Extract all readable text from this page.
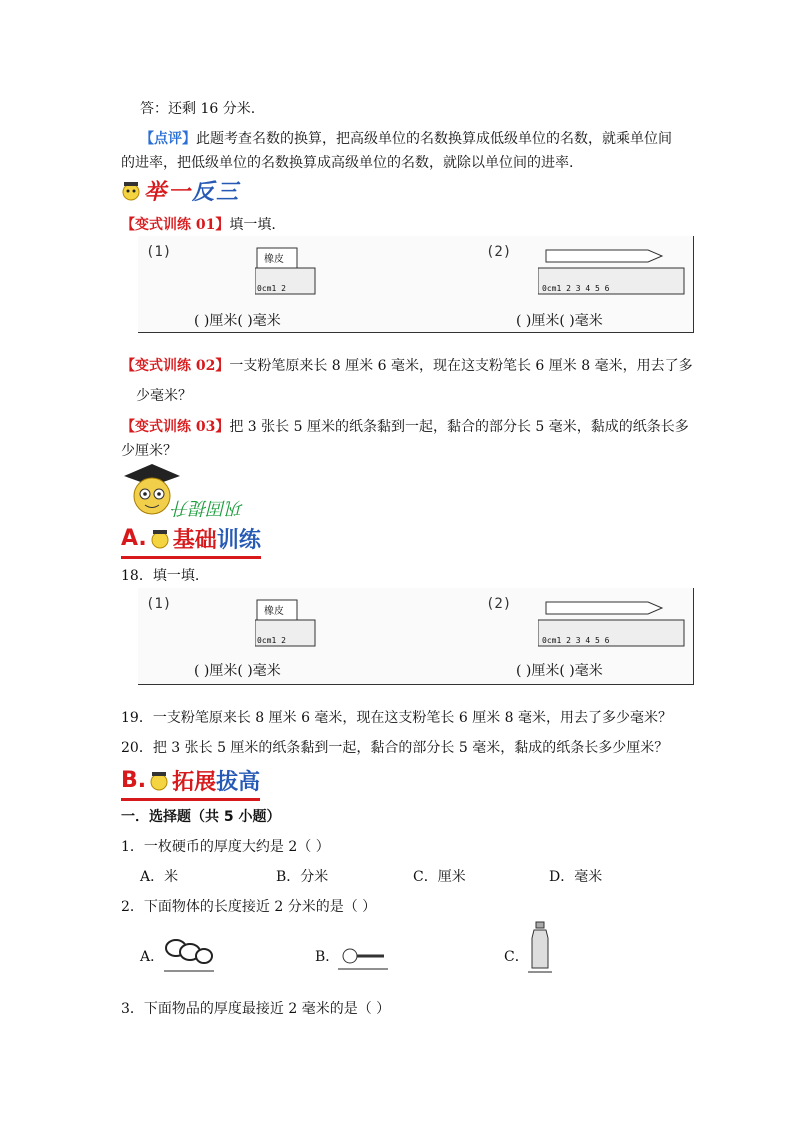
答：还剩 16 分米.
【点评】此题考查名数的换算，把高级单位的名数换算成低级单位的名数，就乘单位间
的进率，把低级单位的名数换算成高级单位的名数，就除以单位间的进率.
举一反三
【变式训练 01】填一填.
(1)	橡皮
0cm1 2
( )厘米( )毫米
(2)
0cm1 2 3 4 5 6
( )厘米( )毫米
【变式训练 02】一支粉笔原来长 8 厘米 6 毫米，现在这支粉笔长 6 厘米 8 毫米，用去了多
少毫米？
【变式训练 03】把 3 张长 5 厘米的纸条黏到一起，黏合的部分长 5 毫米，黏成的纸条长多
少厘米？
巩固提升
A. 基础 训练
18．填一填.
(1)	橡皮
0cm1 2
( )厘米( )毫米
(2)
0cm1 2 3 4 5 6
( )厘米( )毫米
19．一支粉笔原来长 8 厘米 6 毫米，现在这支粉笔长 6 厘米 8 毫米，用去了多少毫米？
20．把 3 张长 5 厘米的纸条黏到一起，黏合的部分长 5 毫米，黏成的纸条长多少厘米？
B. 拓展 拔高
一．选择题（共 5 小题）
1．一枚硬币的厚度大约是 2（ ）
A．米	B．分米	C．厘米	D．毫米
2．下面物体的长度接近 2 分米的是（ ）
A．	B．	C．
3．下面物品的厚度最接近 2 毫米的是（ ）
